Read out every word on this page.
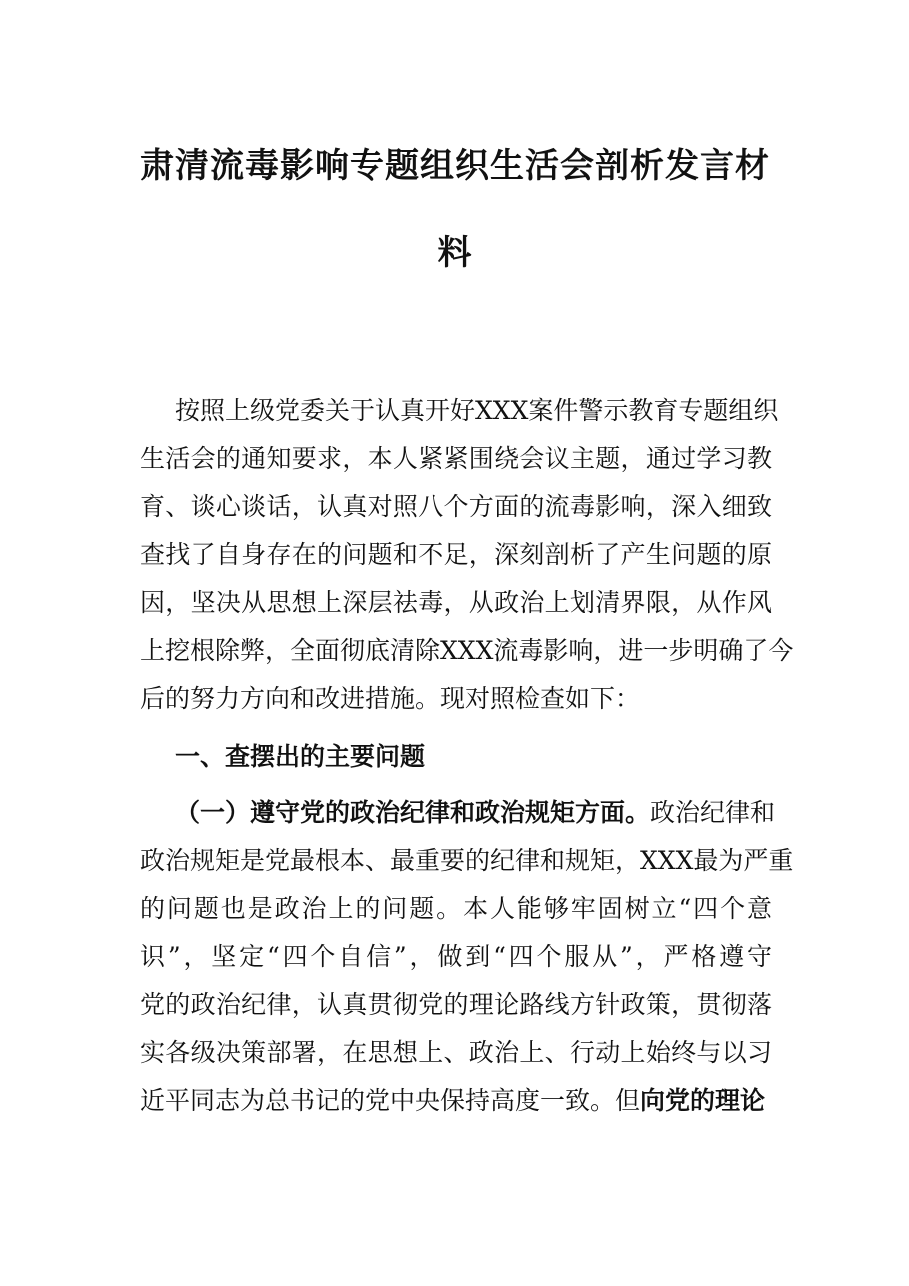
肃清流毒影响专题组织生活会剖析发言材
料

按照上级党委关于认真开好XXX案件警示教育专题组织

生活会的通知要求，本人紧紧围绕会议主题，通过学习教

育、谈心谈话，认真对照八个方面的流毒影响，深入细致

查找了自身存在的问题和不足，深刻剖析了产生问题的原

因，坚决从思想上深层祛毒，从政治上划清界限，从作风

上挖根除弊，全面彻底清除XXX流毒影响，进一步明确了今

后的努力方向和改进措施。现对照检查如下：

一、查摆出的主要问题

（一）遵守党的政治纪律和政治规矩方面。政治纪律和

政治规矩是党最根本、最重要的纪律和规矩，XXX最为严重

的问题也是政治上的问题。本人能够牢固树立“四个意

识”，坚定“四个自信”，做到“四个服从”，严格遵守

党的政治纪律，认真贯彻党的理论路线方针政策，贯彻落

实各级决策部署，在思想上、政治上、行动上始终与以习

近平同志为总书记的党中央保持高度一致。但向党的理论
